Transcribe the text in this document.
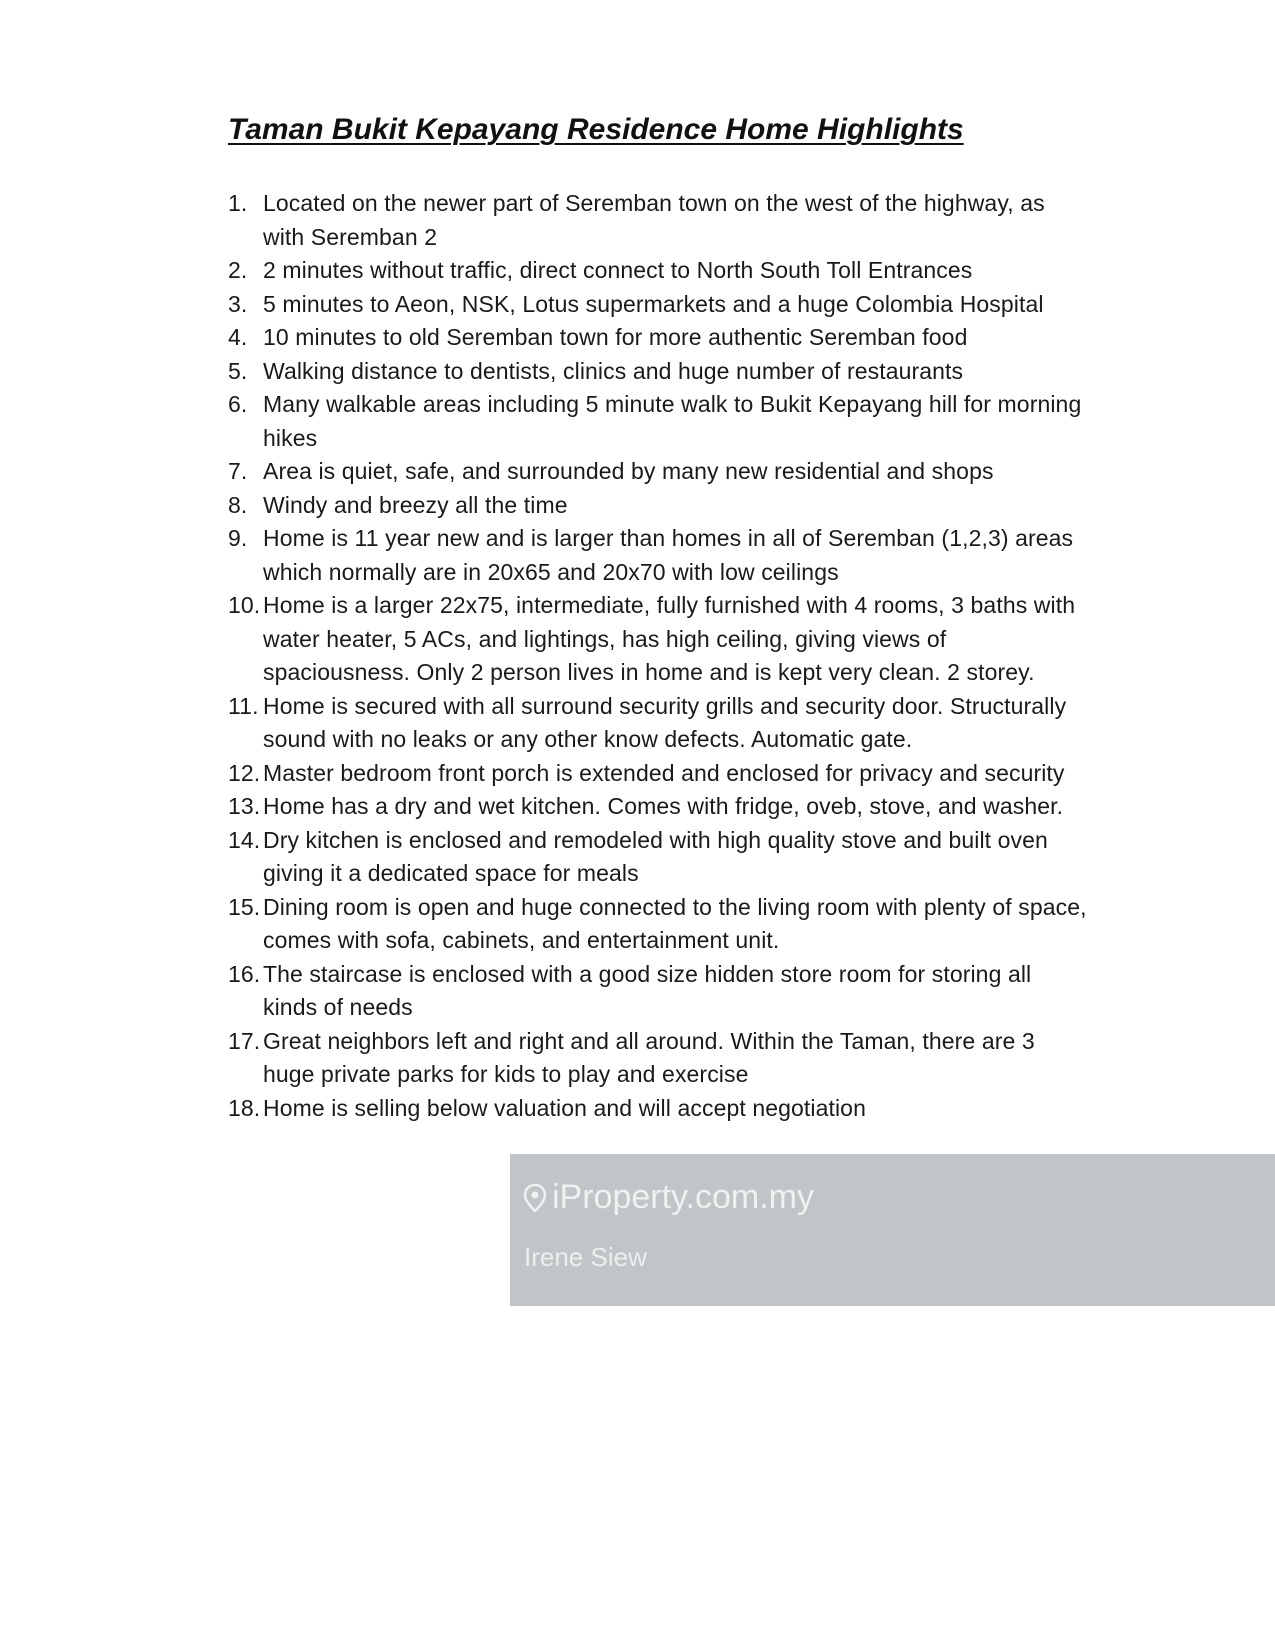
Taman Bukit Kepayang Residence Home Highlights
1. Located on the newer part of Seremban town on the west of the highway, as with Seremban 2
2. 2 minutes without traffic, direct connect to North South Toll Entrances
3. 5 minutes to Aeon, NSK, Lotus supermarkets and a huge Colombia Hospital
4. 10 minutes to old Seremban town for more authentic Seremban food
5. Walking distance to dentists, clinics and huge number of restaurants
6. Many walkable areas including 5 minute walk to Bukit Kepayang hill for morning hikes
7. Area is quiet, safe, and surrounded by many new residential and shops
8. Windy and breezy all the time
9. Home is 11 year new and is larger than homes in all of Seremban (1,2,3) areas which normally are in 20x65 and 20x70 with low ceilings
10. Home is a larger 22x75, intermediate, fully furnished with 4 rooms, 3 baths with water heater, 5 ACs, and lightings, has high ceiling, giving views of spaciousness. Only 2 person lives in home and is kept very clean. 2 storey.
11. Home is secured with all surround security grills and security door. Structurally sound with no leaks or any other know defects. Automatic gate.
12. Master bedroom front porch is extended and enclosed for privacy and security
13. Home has a dry and wet kitchen. Comes with fridge, oveb, stove, and washer.
14. Dry kitchen is enclosed and remodeled with high quality stove and built oven giving it a dedicated space for meals
15. Dining room is open and huge connected to the living room with plenty of space, comes with sofa, cabinets, and entertainment unit.
16. The staircase is enclosed with a good size hidden store room for storing all kinds of needs
17. Great neighbors left and right and all around. Within the Taman, there are 3 huge private parks for kids to play and exercise
18. Home is selling below valuation and will accept negotiation
iProperty.com.my
Irene Siew
